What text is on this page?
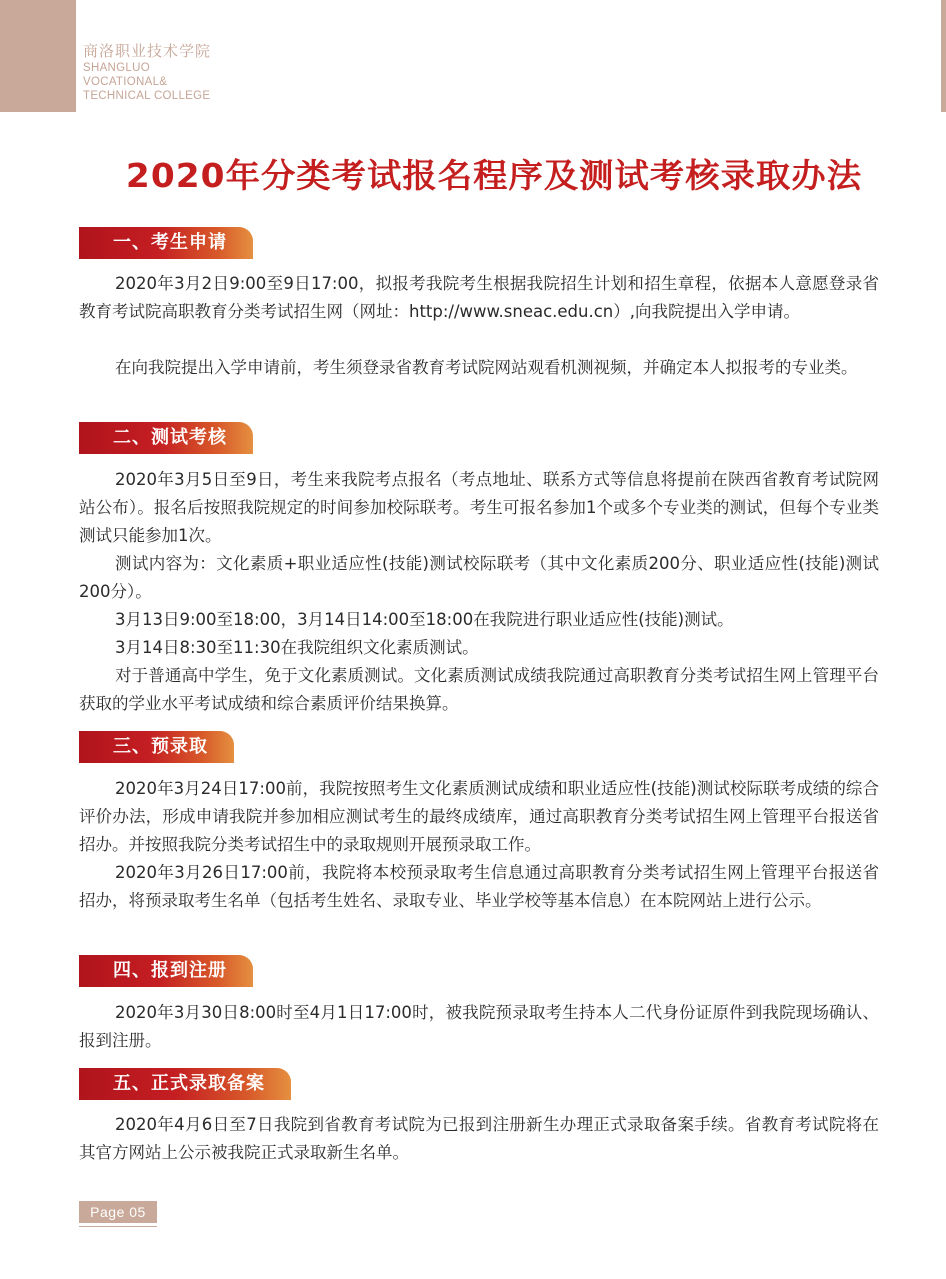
商洛职业技术学院
SHANGLUO
VOCATIONAL&
TECHNICAL COLLEGE
2020年分类考试报名程序及测试考核录取办法
一、考生申请

2020年3月2日9:00至9日17:00，拟报考我院考生根据我院招生计划和招生章程，依据本人意愿登录省教育考试院高职教育分类考试招生网（网址：http://www.sneac.edu.cn）,向我院提出入学申请。

在向我院提出入学申请前，考生须登录省教育考试院网站观看机测视频，并确定本人拟报考的专业类。

二、测试考核

2020年3月5日至9日，考生来我院考点报名（考点地址、联系方式等信息将提前在陕西省教育考试院网站公布）。报名后按照我院规定的时间参加校际联考。考生可报名参加1个或多个专业类的测试，但每个专业类测试只能参加1次。

测试内容为：文化素质+职业适应性(技能)测试校际联考（其中文化素质200分、职业适应性(技能)测试200分）。

3月13日9:00至18:00，3月14日14:00至18:00在我院进行职业适应性(技能)测试。

3月14日8:30至11:30在我院组织文化素质测试。

对于普通高中学生，免于文化素质测试。文化素质测试成绩我院通过高职教育分类考试招生网上管理平台获取的学业水平考试成绩和综合素质评价结果换算。

三、预录取

2020年3月24日17:00前，我院按照考生文化素质测试成绩和职业适应性(技能)测试校际联考成绩的综合评价办法，形成申请我院并参加相应测试考生的最终成绩库，通过高职教育分类考试招生网上管理平台报送省招办。并按照我院分类考试招生中的录取规则开展预录取工作。

2020年3月26日17:00前，我院将本校预录取考生信息通过高职教育分类考试招生网上管理平台报送省招办，将预录取考生名单（包括考生姓名、录取专业、毕业学校等基本信息）在本院网站上进行公示。

四、报到注册

2020年3月30日8:00时至4月1日17:00时，被我院预录取考生持本人二代身份证原件到我院现场确认、报到注册。

五、正式录取备案

2020年4月6日至7日我院到省教育考试院为已报到注册新生办理正式录取备案手续。省教育考试院将在其官方网站上公示被我院正式录取新生名单。

Page 05
